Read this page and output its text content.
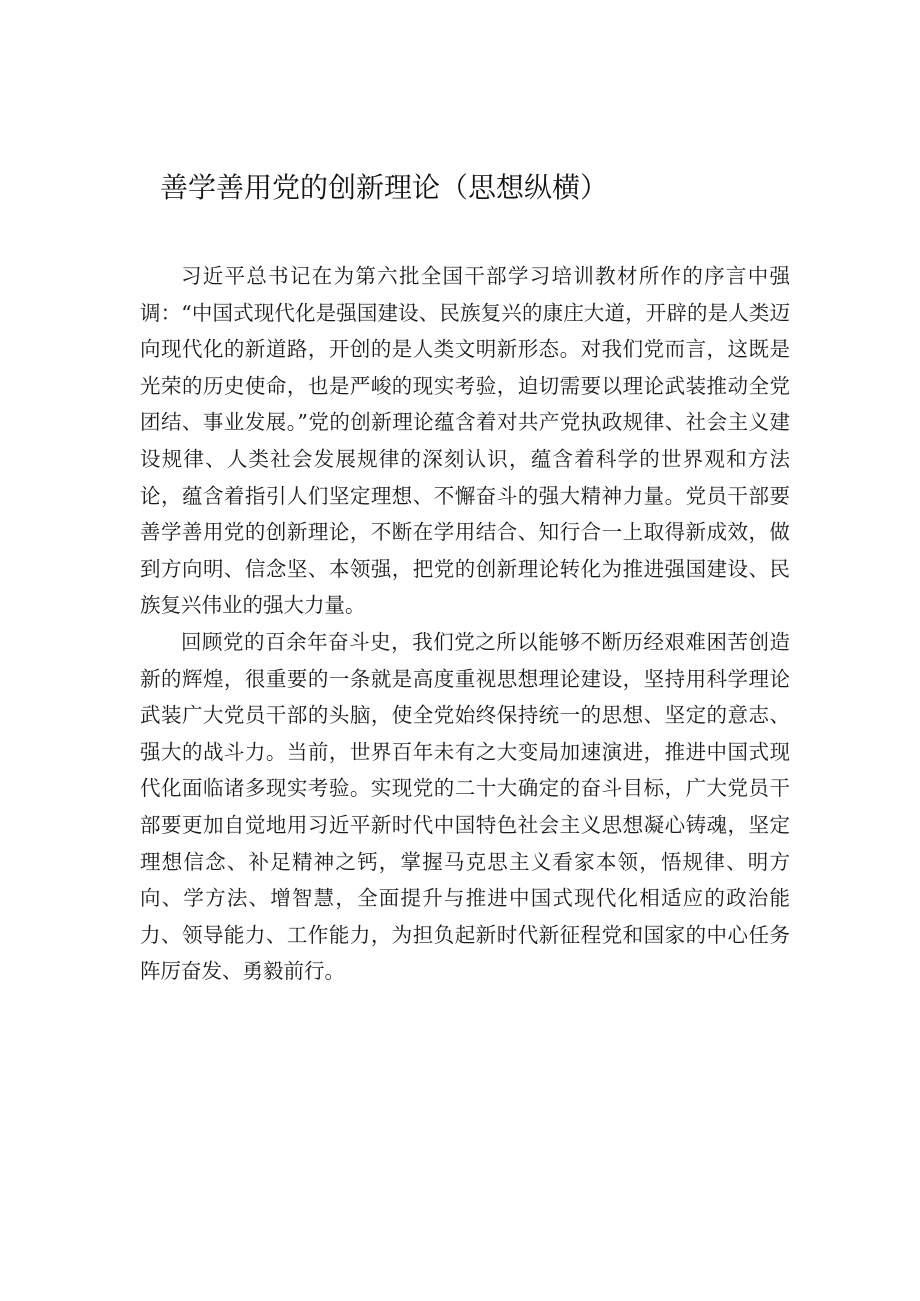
善学善用党的创新理论（思想纵横）

习近平总书记在为第六批全国干部学习培训教材所作的序言中强调：“中国式现代化是强国建设、民族复兴的康庄大道，开辟的是人类迈向现代化的新道路，开创的是人类文明新形态。对我们党而言，这既是光荣的历史使命，也是严峻的现实考验，迫切需要以理论武装推动全党团结、事业发展。”党的创新理论蕴含着对共产党执政规律、社会主义建设规律、人类社会发展规律的深刻认识，蕴含着科学的世界观和方法论，蕴含着指引人们坚定理想、不懈奋斗的强大精神力量。党员干部要善学善用党的创新理论，不断在学用结合、知行合一上取得新成效，做到方向明、信念坚、本领强，把党的创新理论转化为推进强国建设、民族复兴伟业的强大力量。

回顾党的百余年奋斗史，我们党之所以能够不断历经艰难困苦创造新的辉煌，很重要的一条就是高度重视思想理论建设，坚持用科学理论武装广大党员干部的头脑，使全党始终保持统一的思想、坚定的意志、强大的战斗力。当前，世界百年未有之大变局加速演进，推进中国式现代化面临诸多现实考验。实现党的二十大确定的奋斗目标，广大党员干部要更加自觉地用习近平新时代中国特色社会主义思想凝心铸魂，坚定理想信念、补足精神之钙，掌握马克思主义看家本领，悟规律、明方向、学方法、增智慧，全面提升与推进中国式现代化相适应的政治能力、领导能力、工作能力，为担负起新时代新征程党和国家的中心任务阵厉奋发、勇毅前行。
